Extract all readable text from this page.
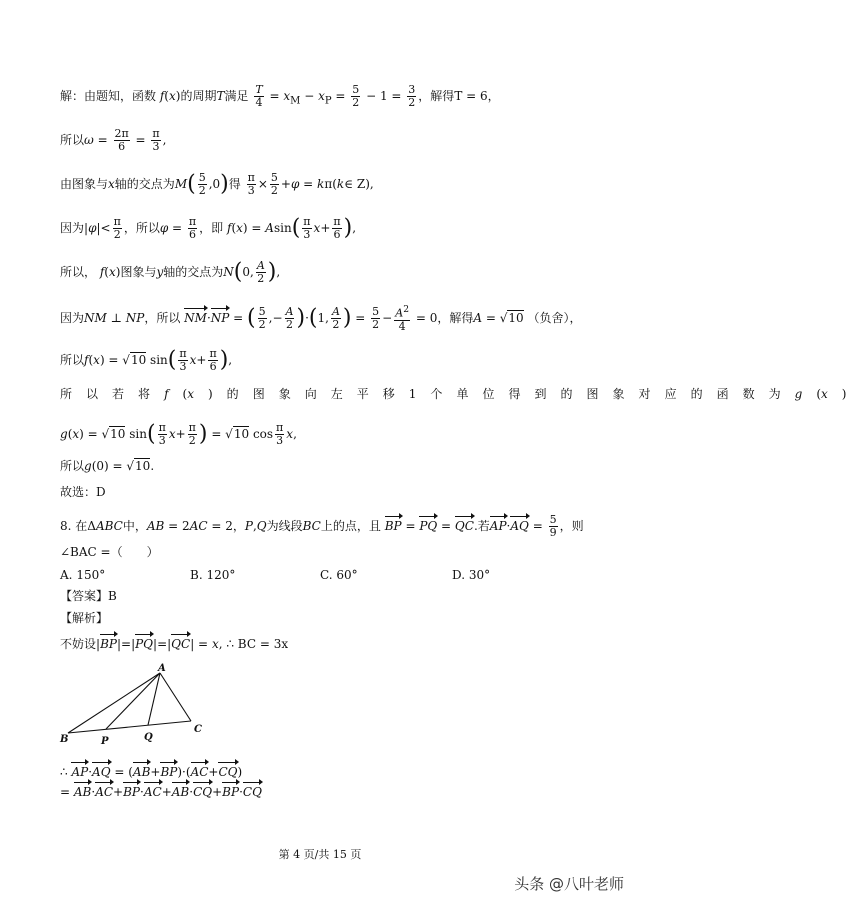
解：由题知，函数 f(x)的周期T满足 $\frac{T}{4} = x_M - x_P = \frac{5}{2} - 1 = \frac{3}{2}$ ，解得T = 6，
所以$\omega = \frac{2\pi}{6} = \frac{\pi}{3}$ ,
由图象与x轴的交点为$M( \frac{5}{2} ,0)$得 $\frac{\pi}{3} \times \frac{5}{2} +\varphi$ = kπ(k∈ Z),
因为$|\varphi|< \frac{\pi}{2}$ ，所以$\varphi = \frac{\pi}{6}$ ，即 $f(x) = Asin( \frac{\pi}{3} x+ \frac{\pi}{6}$ ),
所以， f(x)图象与y轴的交点为N(0, $\frac{A}{2}$ ),
因为NM ⊥ NP，所以 NM·NP = ( $\frac{5}{2}$ ,− $\frac{A}{2} )\cdot(1$, $\frac{A}{2}$ ) = $\frac{5}{2} - \frac{A^2}{4} = 0$，解得A = √10 （负舍），
所以f(x) = √10 $\sin( \frac{\pi}{3} x+ \frac{\pi}{6}$ ),
所 以 若 将 f (x ) 的 图 象 向 左 平 移 1 个 单 位 得 到 的 图 象 对 应 的 函 数 为 g (x )
g(x) = √10 $\sin( \frac{\pi}{3} x+ \frac{\pi}{2}$ ) = √10 $\cos \frac{\pi}{3} x$,
所以g(0) = √10.
故选：D
8. 在ΔABC中，AB = 2AC = 2，P,Q为线段BC上的点，且 BP = PQ = QC.若$AP\cdot AQ = \frac{5}{9}$ ，则
∠BAC =（　　）
A. 150°	B. 120°	C. 60°	D. 30°
【答案】B
【解析】
不妨设|BP|=|PQ|=|QC| = x, ∴ BC = 3x
A
B	P	Q
C
∴ AP·AQ = (AB+BP)·(AC+CQ)
= AB·AC+BP·AC+AB·CQ+BP·CQ
第 4 页/共 15 页
头条 @八叶老师
